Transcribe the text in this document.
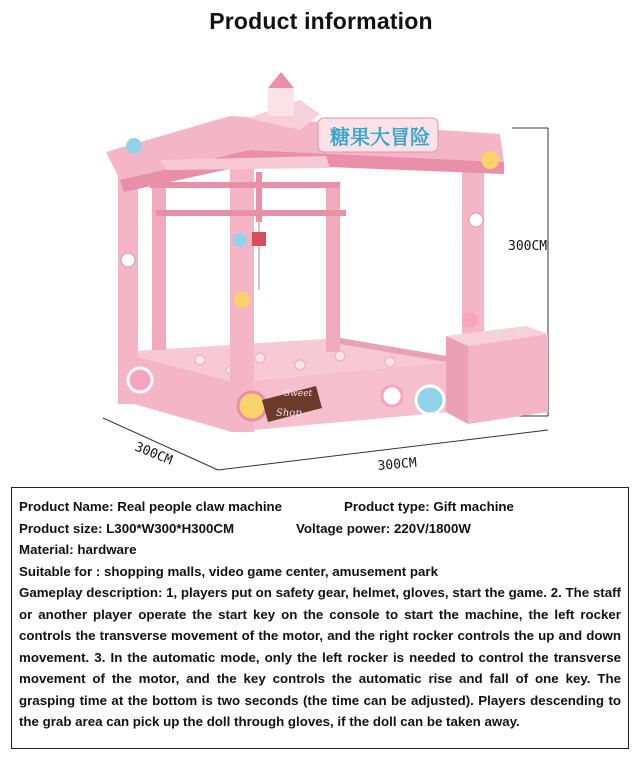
Product information
300CM
300CM	300CM
糖果大冒险
Sweet
Shop
Product Name: Real people claw machine	Product type: Gift machine
Product size: L300*W300*H300CM	Voltage power: 220V/1800W
Material: hardware
Suitable for : shopping malls, video game center, amusement park
Gameplay description: 1, players put on safety gear, helmet, gloves, start the game. 2. The staff or another player operate the start key on the console to start the machine, the left rocker controls the transverse movement of the motor, and the right rocker controls the up and down movement. 3. In the automatic mode, only the left rocker is needed to control the transverse movement of the motor, and the key controls the automatic rise and fall of one key. The grasping time at the bottom is two seconds (the time can be adjusted). Players descending to the grab area can pick up the doll through gloves, if the doll can be taken away.
